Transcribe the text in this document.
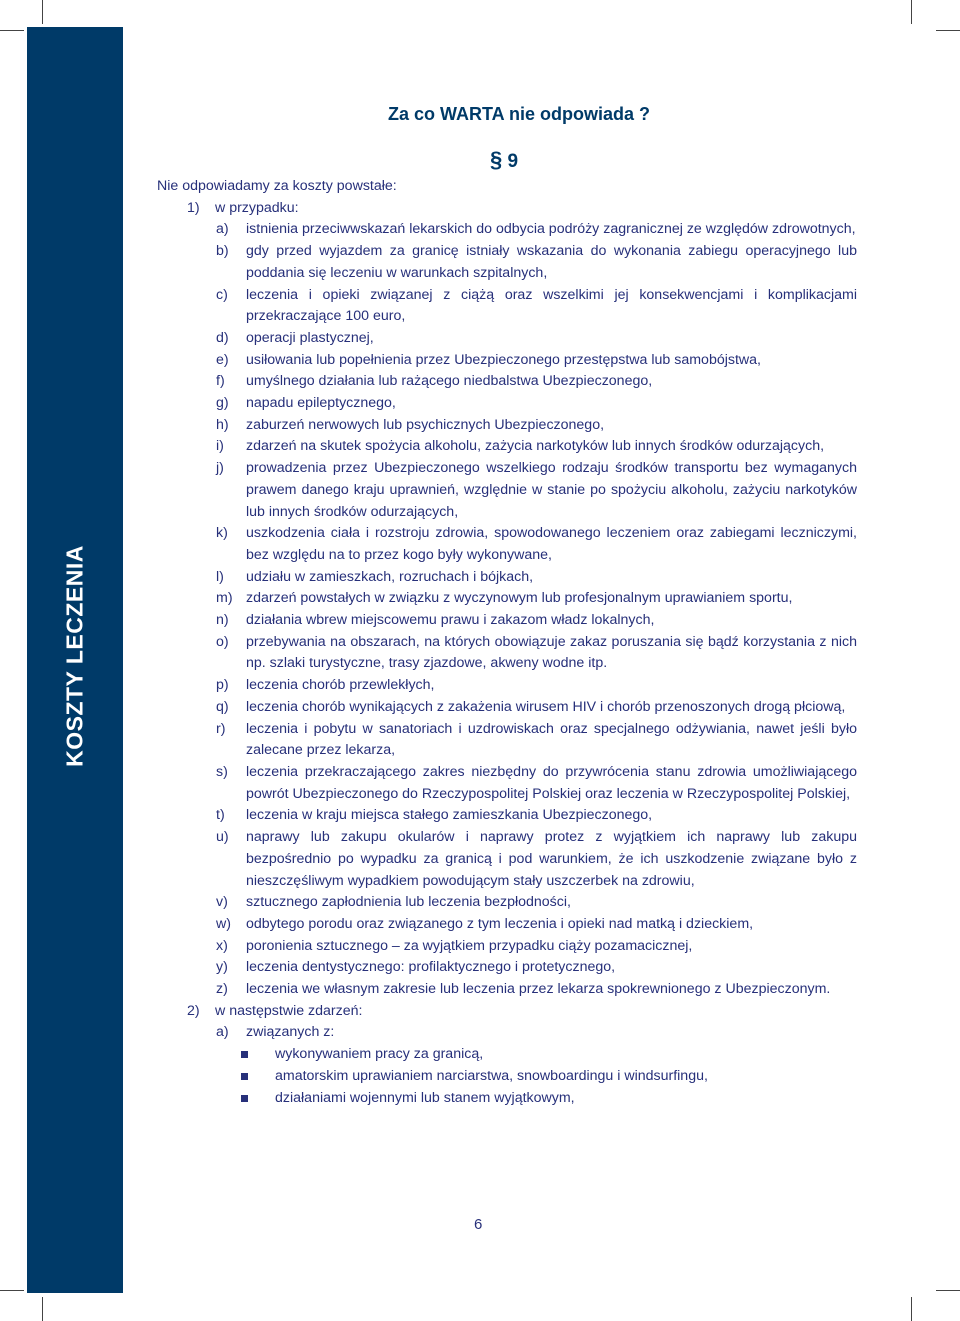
KOSZTY LECZENIA
Za co WARTA nie odpowiada ?
§ 9

Nie odpowiadamy za koszty powstałe:

1) w przypadku:
a) istnienia przeciwwskazań lekarskich do odbycia podróży zagranicznej ze względów zdrowotnych,
b) gdy przed wyjazdem za granicę istniały wskazania do wykonania zabiegu operacyjnego lub poddania się leczeniu w warunkach szpitalnych,
c) leczenia i opieki związanej z ciążą oraz wszelkimi jej konsekwencjami i komplikacjami przekraczające 100 euro,
d) operacji plastycznej,
e) usiłowania lub popełnienia przez Ubezpieczonego przestępstwa lub samobójstwa,
f) umyślnego działania lub rażącego niedbalstwa Ubezpieczonego,
g) napadu epileptycznego,
h) zaburzeń nerwowych lub psychicznych Ubezpieczonego,
i) zdarzeń na skutek spożycia alkoholu, zażycia narkotyków lub innych środków odurzających,
j) prowadzenia przez Ubezpieczonego wszelkiego rodzaju środków transportu bez wymaganych prawem danego kraju uprawnień, względnie w stanie po spożyciu alkoholu, zażyciu narkotyków lub innych środków odurzających,
k) uszkodzenia ciała i rozstroju zdrowia, spowodowanego leczeniem oraz zabiegami leczniczymi, bez względu na to przez kogo były wykonywane,
l) udziału w zamieszkach, rozruchach i bójkach,
m) zdarzeń powstałych w związku z wyczynowym lub profesjonalnym uprawianiem sportu,
n) działania wbrew miejscowemu prawu i zakazom władz lokalnych,
o) przebywania na obszarach, na których obowiązuje zakaz poruszania się bądź korzystania z nich np. szlaki turystyczne, trasy zjazdowe, akweny wodne itp.
p) leczenia chorób przewlekłych,
q) leczenia chorób wynikających z zakażenia wirusem HIV i chorób przenoszonych drogą płciową,
r) leczenia i pobytu w sanatoriach i uzdrowiskach oraz specjalnego odżywiania, nawet jeśli było zalecane przez lekarza,
s) leczenia przekraczającego zakres niezbędny do przywrócenia stanu zdrowia umożliwiającego powrót Ubezpieczonego do Rzeczypospolitej Polskiej oraz leczenia w Rzeczypospolitej Polskiej,
t) leczenia w kraju miejsca stałego zamieszkania Ubezpieczonego,
u) naprawy lub zakupu okularów i naprawy protez z wyjątkiem ich naprawy lub zakupu bezpośrednio po wypadku za granicą i pod warunkiem, że ich uszkodzenie związane było z nieszczęśliwym wypadkiem powodującym stały uszczerbek na zdrowiu,
v) sztucznego zapłodnienia lub leczenia bezpłodności,
w) odbytego porodu oraz związanego z tym leczenia i opieki nad matką i dzieckiem,
x) poronienia sztucznego – za wyjątkiem przypadku ciąży pozamacicznej,
y) leczenia dentystycznego: profilaktycznego i protetycznego,
z) leczenia we własnym zakresie lub leczenia przez lekarza spokrewnionego z Ubezpieczonym.
2) w następstwie zdarzeń:
a) związanych z:
wykonywaniem pracy za granicą,
amatorskim uprawianiem narciarstwa, snowboardingu i windsurfingu,
działaniami wojennymi lub stanem wyjątkowym,
6
